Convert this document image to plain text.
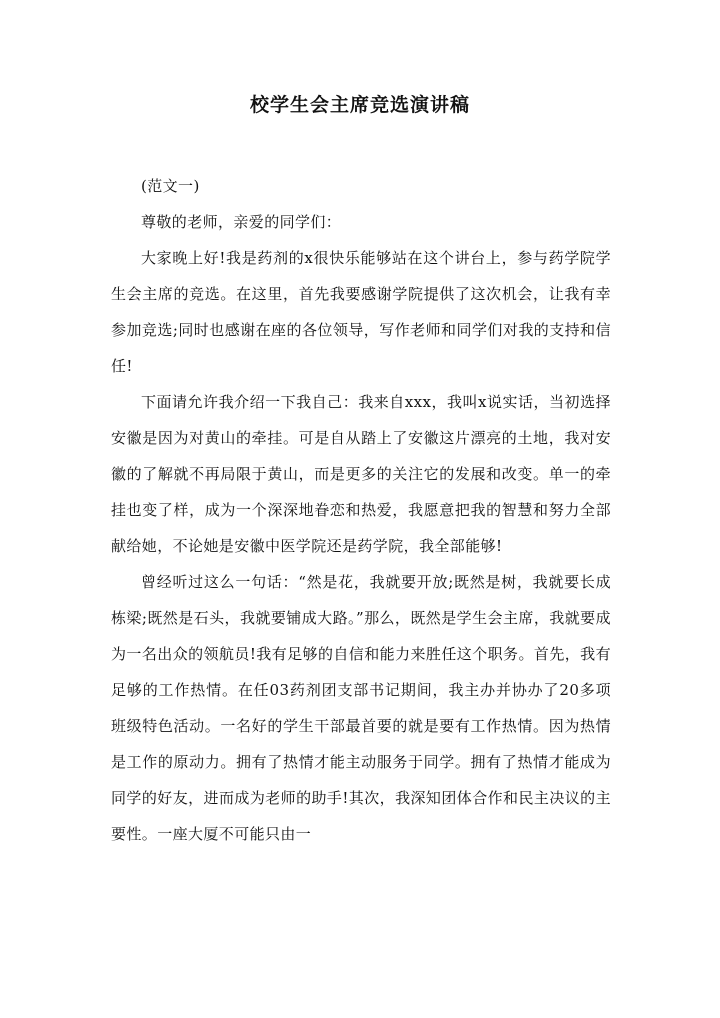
校学生会主席竞选演讲稿

(范文一)

尊敬的老师，亲爱的同学们：

大家晚上好!我是药剂的x很快乐能够站在这个讲台上，参与药学院学生会主席的竞选。在这里，首先我要感谢学院提供了这次机会，让我有幸参加竞选;同时也感谢在座的各位领导，写作老师和同学们对我的支持和信任!

下面请允许我介绍一下我自己：我来自xxx，我叫x说实话，当初选择安徽是因为对黄山的牵挂。可是自从踏上了安徽这片漂亮的土地，我对安徽的了解就不再局限于黄山，而是更多的关注它的发展和改变。单一的牵挂也变了样，成为一个深深地眷恋和热爱，我愿意把我的智慧和努力全部献给她，不论她是安徽中医学院还是药学院，我全部能够!

曾经听过这么一句话：“然是花，我就要开放;既然是树，我就要长成栋梁;既然是石头，我就要铺成大路。”那么，既然是学生会主席，我就要成为一名出众的领航员!我有足够的自信和能力来胜任这个职务。首先，我有足够的工作热情。在任03药剂团支部书记期间，我主办并协办了20多项班级特色活动。一名好的学生干部最首要的就是要有工作热情。因为热情是工作的原动力。拥有了热情才能主动服务于同学。拥有了热情才能成为同学的好友，进而成为老师的助手!其次，我深知团体合作和民主决议的主要性。一座大厦不可能只由一
